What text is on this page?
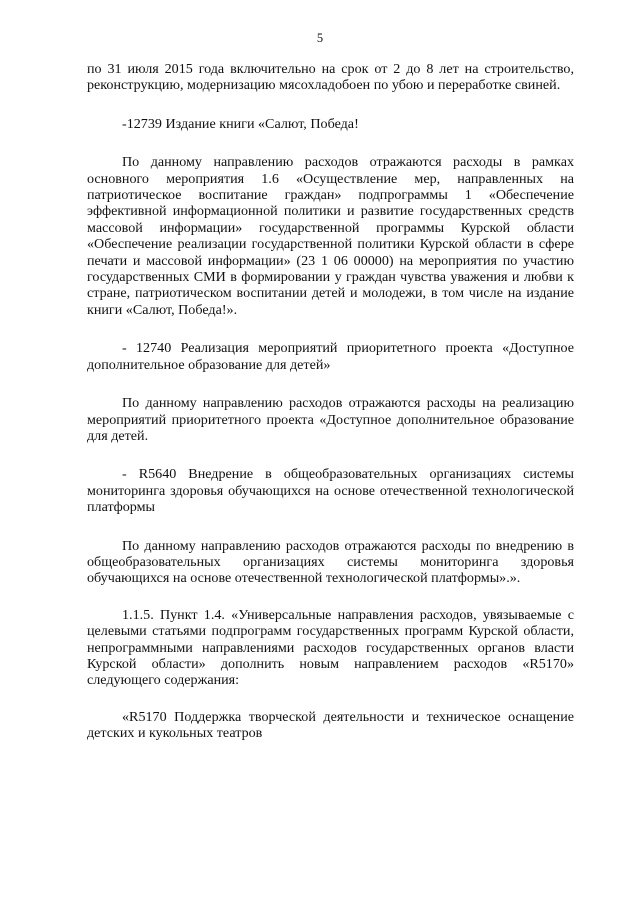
5

по 31 июля 2015 года включительно на срок от 2 до 8 лет на строительство, реконструкцию, модернизацию мясохладобоен по убою и переработке свиней.

-12739 Издание книги «Салют, Победа!

По данному направлению расходов отражаются расходы в рамках основного мероприятия 1.6 «Осуществление мер, направленных на патриотическое воспитание граждан» подпрограммы 1 «Обеспечение эффективной информационной политики и развитие государственных средств массовой информации» государственной программы Курской области «Обеспечение реализации государственной политики Курской области в сфере печати и массовой информации» (23 1 06 00000) на мероприятия по участию государственных СМИ в формировании у граждан чувства уважения и любви к стране, патриотическом воспитании детей и молодежи, в том числе на издание книги «Салют, Победа!».

- 12740 Реализация мероприятий приоритетного проекта «Доступное дополнительное образование для детей»

По данному направлению расходов отражаются расходы на реализацию мероприятий приоритетного проекта «Доступное дополнительное образование для детей.

- R5640 Внедрение в общеобразовательных организациях системы мониторинга здоровья обучающихся на основе отечественной технологической платформы

По данному направлению расходов отражаются расходы по внедрению в общеобразовательных организациях системы мониторинга здоровья обучающихся на основе отечественной технологической платформы».».

1.1.5. Пункт 1.4. «Универсальные направления расходов, увязываемые с целевыми статьями подпрограмм государственных программ Курской области, непрограммными направлениями расходов государственных органов власти Курской области» дополнить новым направлением расходов «R5170» следующего содержания:

«R5170 Поддержка творческой деятельности и техническое оснащение детских и кукольных театров
